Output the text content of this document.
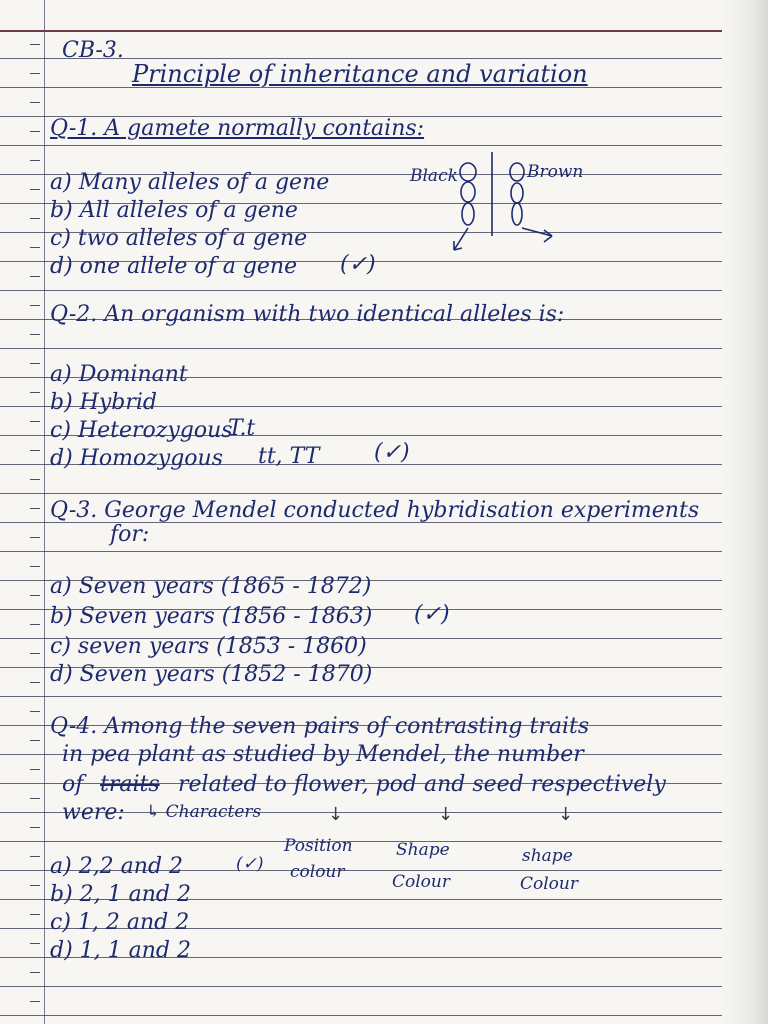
CB-3.
Principle of inheritance and variation
Q-1. A gamete normally contains:
a) Many alleles of a gene
b) All alleles of a gene
c) two alleles of a gene
d) one allele of a gene (✓)
Black	Brown
Q-2. An organism with two identical alleles is:
a) Dominant
b) Hybrid
c) Heterozygous
T.t
d) Homozygous tt, TT (✓)
Q-3. George Mendel conducted hybridisation experiments
for:
a) Seven years (1865 - 1872)
b) Seven years (1856 - 1863) (✓)
c) seven years (1853 - 1860)
d) Seven years (1852 - 1870)
Q-4. Among the seven pairs of contrasting traits
in pea plant as studied by Mendel, the number
of traits related to flower, pod and seed respectively
were: ↳ Characters	↓	↓	↓
Position	Shape	shape
colour	Colour	Colour
a) 2,2 and 2	(✓)
b) 2, 1 and 2
c) 1, 2 and 2
d) 1, 1 and 2
